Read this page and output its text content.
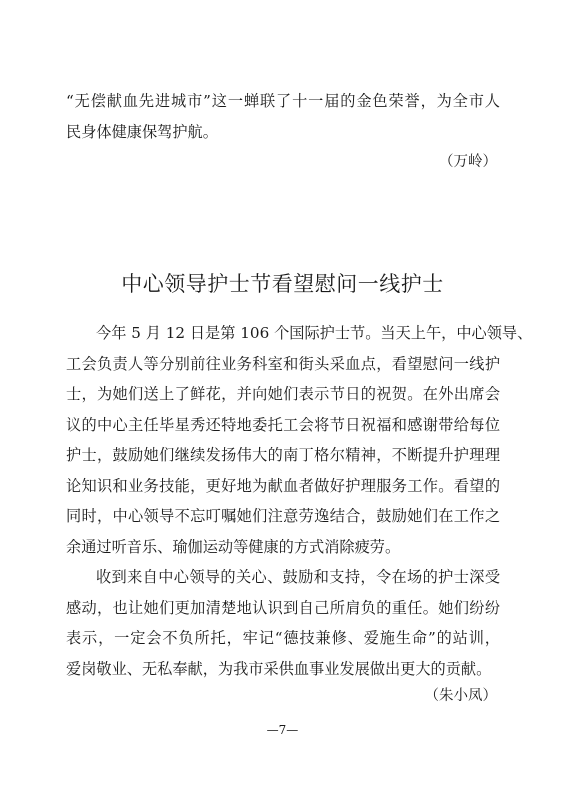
“无偿献血先进城市”这一蝉联了十一届的金色荣誉，为全市人
民身体健康保驾护航。

（万岭）

中心领导护士节看望慰问一线护士
今年 5 月 12 日是第 106 个国际护士节。当天上午，中心领导、
工会负责人等分别前往业务科室和街头采血点，看望慰问一线护
士，为她们送上了鲜花，并向她们表示节日的祝贺。在外出席会
议的中心主任毕星秀还特地委托工会将节日祝福和感谢带给每位
护士，鼓励她们继续发扬伟大的南丁格尔精神，不断提升护理理
论知识和业务技能，更好地为献血者做好护理服务工作。看望的
同时，中心领导不忘叮嘱她们注意劳逸结合，鼓励她们在工作之
余通过听音乐、瑜伽运动等健康的方式消除疲劳。
收到来自中心领导的关心、鼓励和支持，令在场的护士深受
感动，也让她们更加清楚地认识到自己所肩负的重任。她们纷纷
表示，一定会不负所托，牢记“德技兼修、爱施生命”的站训，
爱岗敬业、无私奉献，为我市采供血事业发展做出更大的贡献。

（朱小凤）

—7—
